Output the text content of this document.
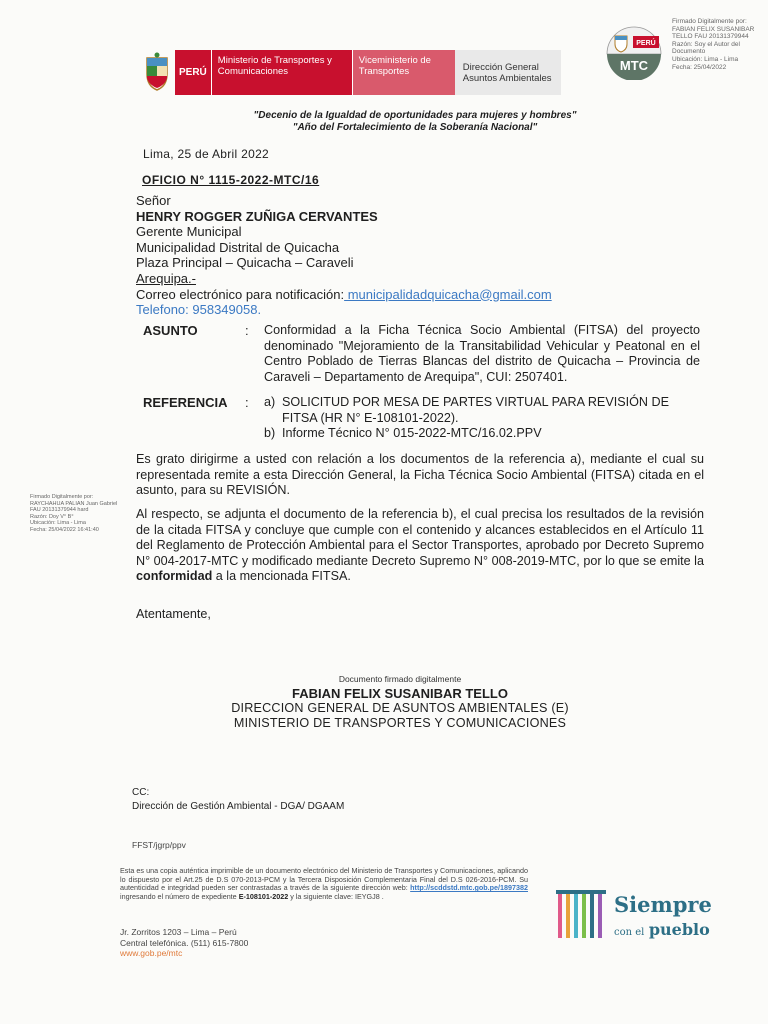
PERÚ
Ministerio de Transportes y Comunicaciones
Viceministerio de Transportes	Dirección General Asuntos Ambientales
PERÚ
MTC
Firmado Digitalmente por:
FABIAN FELIX SUSANIBAR
TELLO FAU 20131379944
Razón: Soy el Autor del
Documento
Ubicación: Lima - Lima
Fecha: 25/04/2022
Firmado Digitalmente por:
RAYCHAHUA PALIAN Juan Gabriel
FAU 20131379944 hard
Razón: Doy V° B°
Ubicación: Lima - Lima
Fecha: 25/04/2022 16:41:40
"Decenio de la Igualdad de oportunidades para mujeres y hombres"
"Año del Fortalecimiento de la Soberanía Nacional"
Lima, 25 de Abril 2022
OFICIO N° 1115-2022-MTC/16
Señor
HENRY ROGGER ZUÑIGA CERVANTES
Gerente Municipal
Municipalidad Distrital de Quicacha
Plaza Principal – Quicacha – Caraveli
Arequipa.-
Correo electrónico para notificación: municipalidadquicacha@gmail.com
Telefono: 958349058.
ASUNTO	: Conformidad a la Ficha Técnica Socio Ambiental (FITSA) del proyecto denominado "Mejoramiento de la Transitabilidad Vehicular y Peatonal en el Centro Poblado de Tierras Blancas del distrito de Quicacha – Provincia de Caraveli – Departamento de Arequipa", CUI: 2507401.
REFERENCIA : a) SOLICITUD POR MESA DE PARTES VIRTUAL PARA REVISIÓN DE FITSA (HR N° E-108101-2022).
b) Informe Técnico N° 015-2022-MTC/16.02.PPV
Es grato dirigirme a usted con relación a los documentos de la referencia a), mediante el cual su representada remite a esta Dirección General, la Ficha Técnica Socio Ambiental (FITSA) citada en el asunto, para su REVISIÓN.
Al respecto, se adjunta el documento de la referencia b), el cual precisa los resultados de la revisión de la citada FITSA y concluye que cumple con el contenido y alcances establecidos en el Artículo 11 del Reglamento de Protección Ambiental para el Sector Transportes, aprobado por Decreto Supremo N° 004-2017-MTC y modificado mediante Decreto Supremo N° 008-2019-MTC, por lo que se emite la conformidad a la mencionada FITSA.
Atentamente,
Documento firmado digitalmente
FABIAN FELIX SUSANIBAR TELLO
DIRECCION GENERAL DE ASUNTOS AMBIENTALES (E)
MINISTERIO DE TRANSPORTES Y COMUNICACIONES
CC:
Dirección de Gestión Ambiental - DGA/ DGAAM
FFST/jgrp/ppv
Esta es una copia auténtica imprimible de un documento electrónico del Ministerio de Transportes y Comunicaciones, aplicando lo dispuesto por el Art.25 de D.S 070-2013-PCM y la Tercera Disposición Complementaria Final del D.S 026-2016-PCM. Su autenticidad e integridad pueden ser contrastadas a través de la siguiente dirección web: http://scddstd.mtc.gob.pe/1897382 ingresando el número de expediente E-108101-2022 y la siguiente clave: IEYGJ8 .
Jr. Zorritos 1203 – Lima – Perú
Central telefónica. (511) 615-7800
www.gob.pe/mtc
Siempre
con el pueblo
